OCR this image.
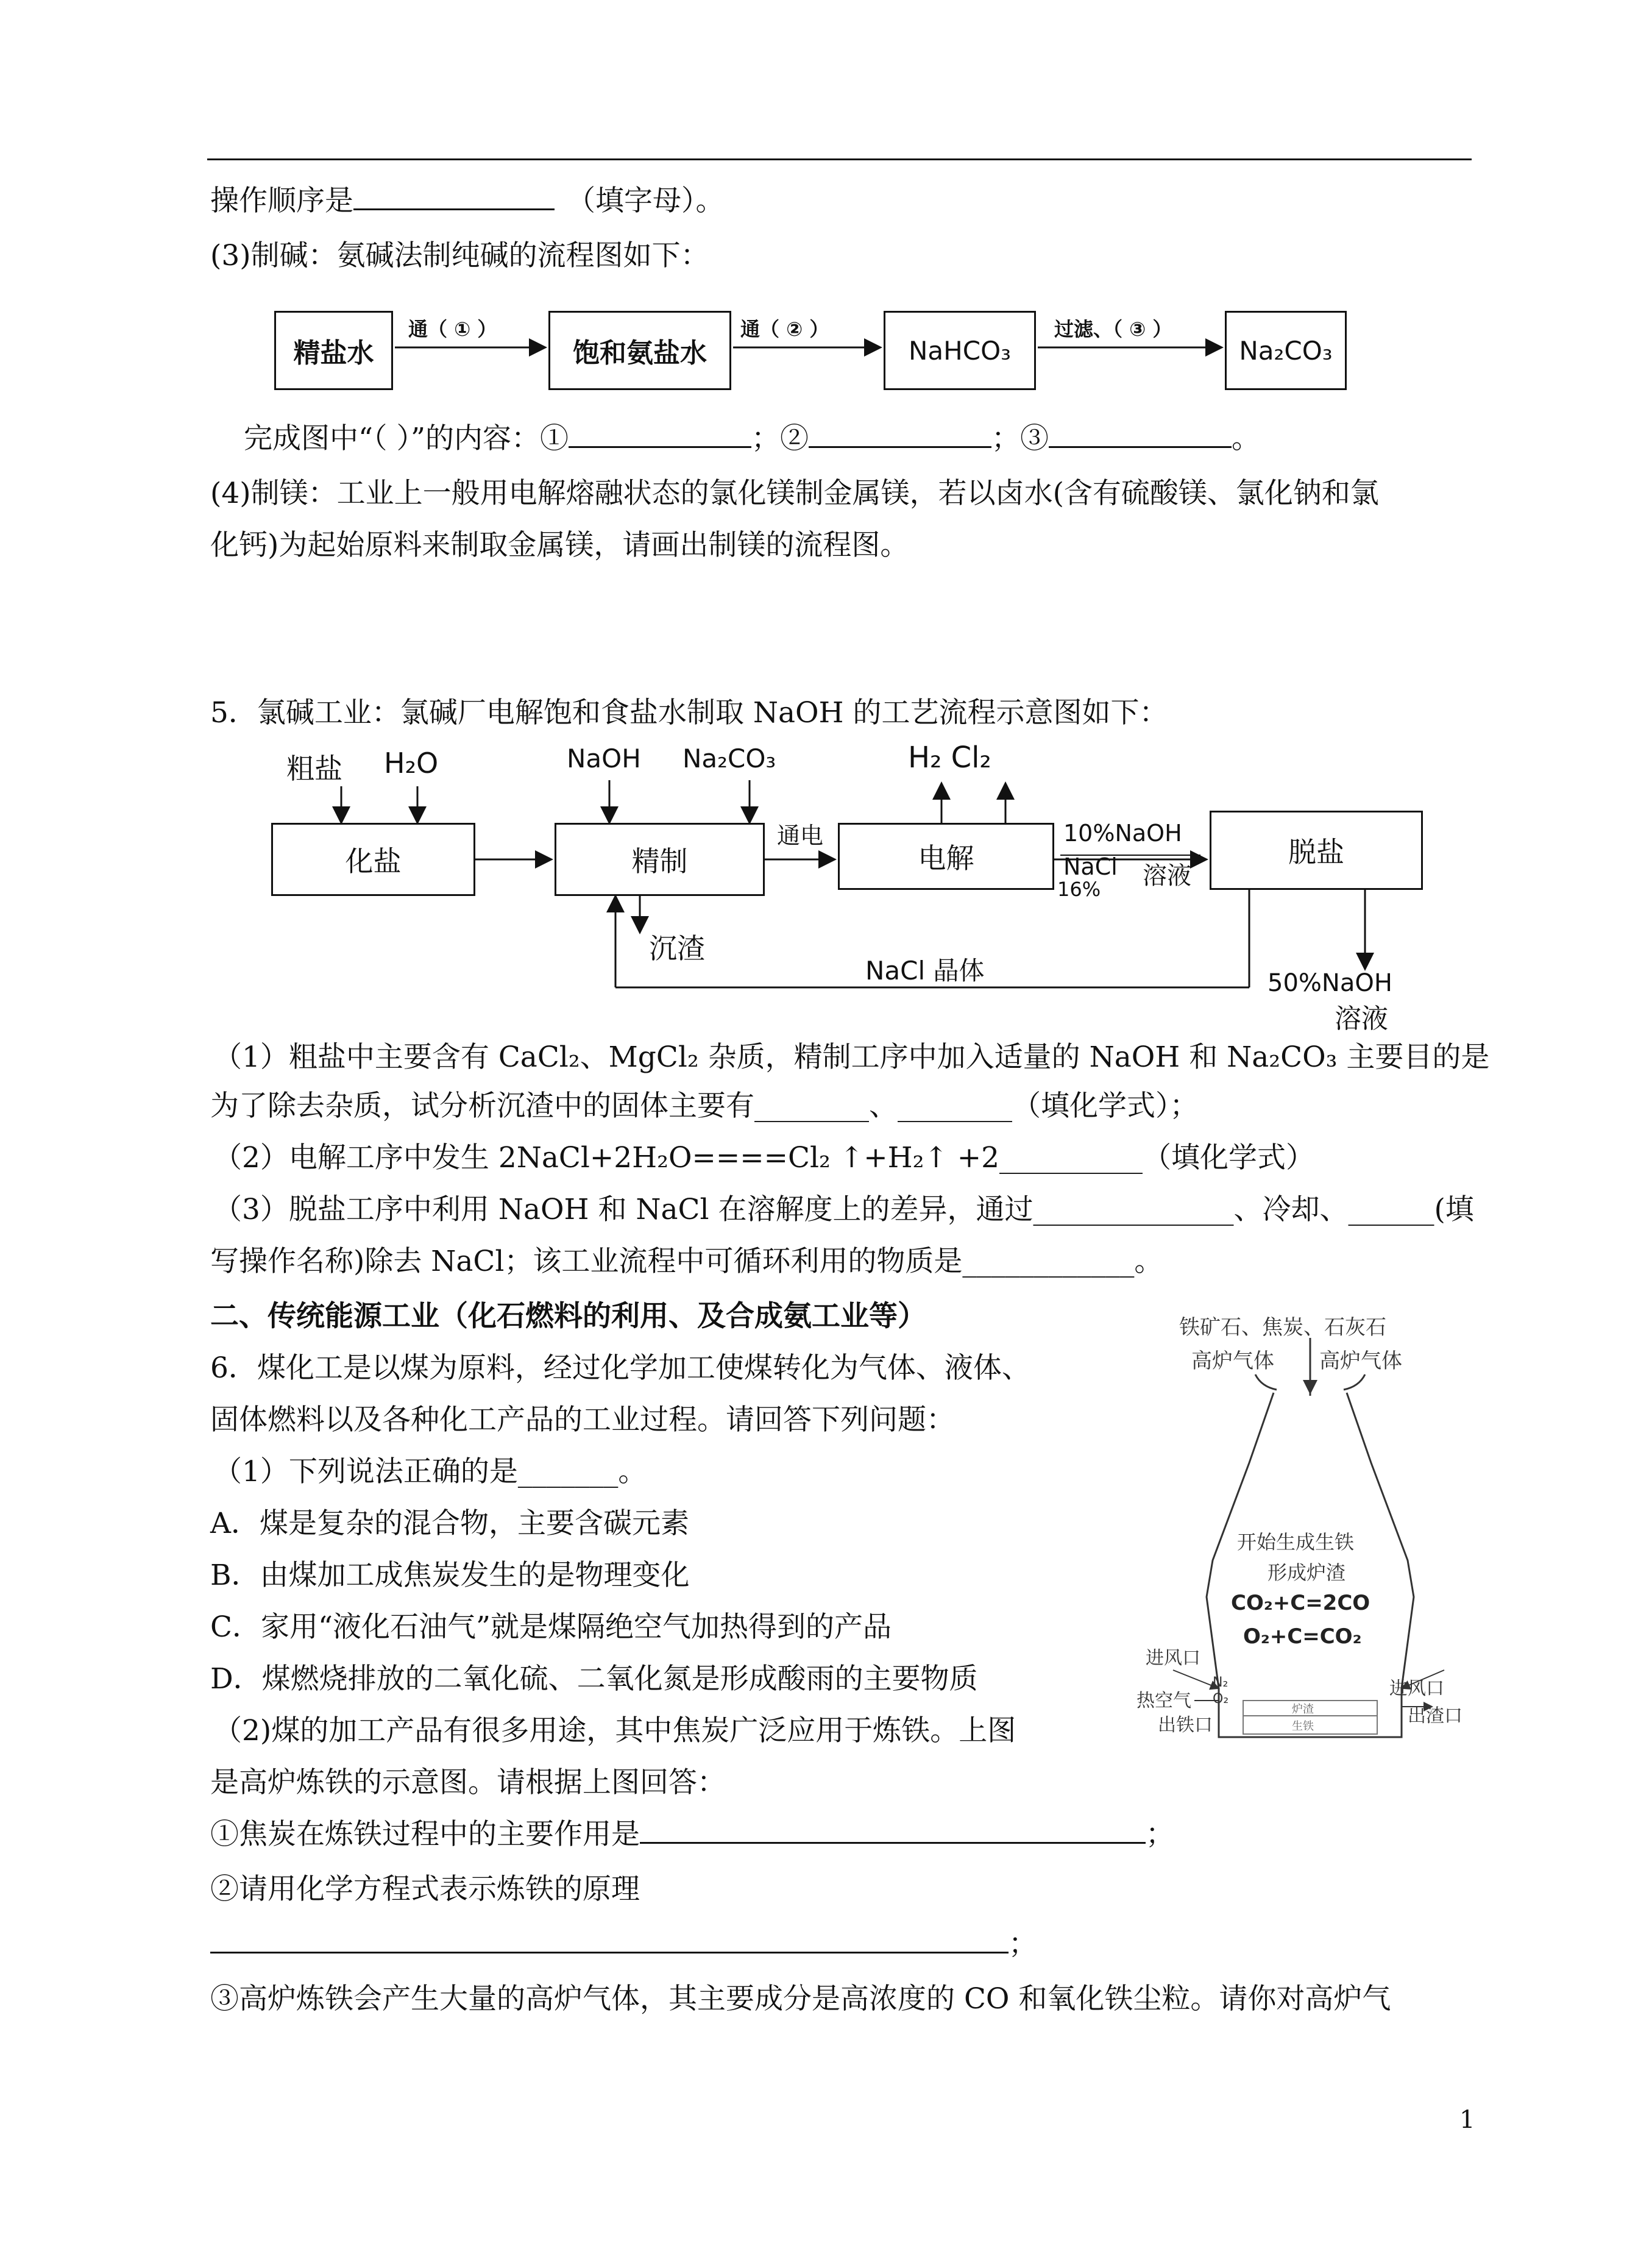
操作顺序是	（填字母）。
(3)制碱：氨碱法制纯碱的流程图如下：
精盐水	饱和氨盐水	NaHCO₃	Na₂CO₃
通（ ① ）	通（ ② ）	过滤、（ ③ ）
完成图中“（ ）”的内容：①	；②	；③	。
(4)制镁：工业上一般用电解熔融状态的氯化镁制金属镁，若以卤水(含有硫酸镁、氯化钠和氯
化钙)为起始原料来制取金属镁，请画出制镁的流程图。
5．氯碱工业：氯碱厂电解饱和食盐水制取 NaOH 的工艺流程示意图如下：
化盐	精制	电解	脱盐
粗盐 H₂O	NaOH Na₂CO₃	H₂ Cl₂
通电	10%NaOH
NaCl
16% 溶液
沉渣
NaCl 晶体	50%NaOH
溶液
（1）粗盐中主要含有 CaCl₂、MgCl₂ 杂质，精制工序中加入适量的 NaOH 和 Na₂CO₃ 主要目的是
为了除去杂质，试分析沉渣中的固体主要有________、________（填化学式）；
（2）电解工序中发生 2NaCl+2H₂O====Cl₂ ↑+H₂↑ +2__________（填化学式）
（3）脱盐工序中利用 NaOH 和 NaCl 在溶解度上的差异，通过______________、冷却、______(填
写操作名称)除去 NaCl；该工业流程中可循环利用的物质是____________。
二、传统能源工业（化石燃料的利用、及合成氨工业等）
6．煤化工是以煤为原料，经过化学加工使煤转化为气体、液体、
固体燃料以及各种化工产品的工业过程。请回答下列问题：
（1）下列说法正确的是_______。
A．煤是复杂的混合物，主要含碳元素
B．由煤加工成焦炭发生的是物理变化
C．家用“液化石油气”就是煤隔绝空气加热得到的产品
D．煤燃烧排放的二氧化硫、二氧化氮是形成酸雨的主要物质
（2)煤的加工产品有很多用途，其中焦炭广泛应用于炼铁。上图
是高炉炼铁的示意图。请根据上图回答：
①焦炭在炼铁过程中的主要作用是	；
②请用化学方程式表示炼铁的原理
；
③高炉炼铁会产生大量的高炉气体，其主要成分是高浓度的 CO 和氧化铁尘粒。请你对高炉气
铁矿石、焦炭、石灰石
高炉气体 高炉气体
开始生成生铁
形成炉渣
CO₂+C=2CO
O₂+C=CO₂
进风口
进风口
热空气
N₂
O₂
出铁口	出渣口
炉渣
生铁
1
